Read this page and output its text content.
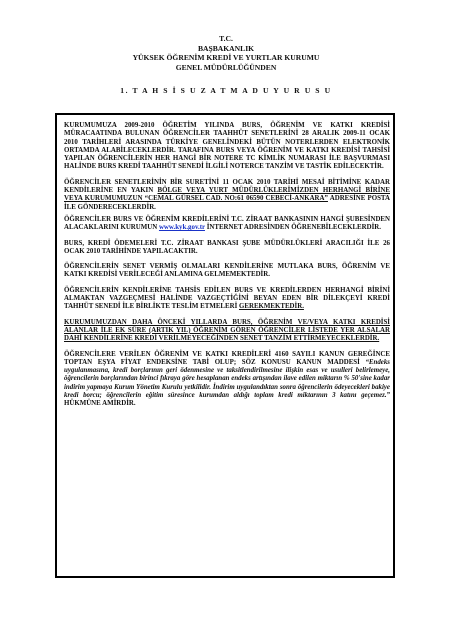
T.C.
BAŞBAKANLIK
YÜKSEK ÖĞRENİM KREDİ VE YURTLAR KURUMU
GENEL MÜDÜRLÜĞÜNDEN
1. T A H S İ S U Z A T M A D U Y U R U S U

KURUMUMUZA 2009-2010 ÖĞRETİM YILINDA BURS, ÖĞRENİM VE KATKI KREDİSİ MÜRACAATINDA BULUNAN ÖĞRENCİLER TAAHHÜT SENETLERİNİ 28 ARALIK 2009-11 OCAK 2010 TARİHLERİ ARASINDA TÜRKİYE GENELİNDEKİ BÜTÜN NOTERLERDEN ELEKTRONİK ORTAMDA ALABİLECEKLERDİR. TARAFINA BURS VEYA ÖĞRENİM VE KATKI KREDİSİ TAHSİSİ YAPILAN ÖĞRENCİLERİN HER HANGİ BİR NOTERE TC KİMLİK NUMARASI İLE BAŞVURMASI HALİNDE BURS KREDİ TAAHHÜT SENEDİ İLGİLİ NOTERCE TANZİM VE TASTİK EDİLECEKTİR.

ÖĞRENCİLER SENETLERİNİN BİR SURETİNİ 11 OCAK 2010 TARİHİ MESAİ BİTİMİNE KADAR KENDİLERİNE EN YAKIN BÖLGE VEYA YURT MÜDÜRLÜKLERİMİZDEN HERHANGİ BİRİNE VEYA KURUMUMUZUN “CEMAL GÜRSEL CAD. NO:61 06590 CEBECİ-ANKARA” ADRESİNE POSTA İLE GÖNDERECEKLERDİR.

ÖĞRENCİLER BURS VE ÖĞRENİM KREDİLERİNİ T.C. ZİRAAT BANKASININ HANGİ ŞUBESİNDEN ALACAKLARINI KURUMUN www.kyk.gov.tr İNTERNET ADRESİNDEN ÖĞRENEBİLECEKLERDİR.

BURS, KREDİ ÖDEMELERİ T.C. ZİRAAT BANKASI ŞUBE MÜDÜRLÜKLERİ ARACILIĞI İLE 26 OCAK 2010 TARİHİNDE YAPILACAKTIR.

ÖĞRENCİLERİN SENET VERMİŞ OLMALARI KENDİLERİNE MUTLAKA BURS, ÖĞRENİM VE KATKI KREDİSİ VERİLECEĞİ ANLAMINA GELMEMEKTEDİR.

ÖĞRENCİLERİN KENDİLERİNE TAHSİS EDİLEN BURS VE KREDİLERDEN HERHANGİ BİRİNİ ALMAKTAN VAZGEÇMESİ HALİNDE VAZGEÇTİĞİNİ BEYAN EDEN BİR DİLEKÇEYİ KREDİ TAHHÜT SENEDİ İLE BİRLİKTE TESLİM ETMELERİ GEREKMEKTEDİR.

KURUMUMUZDAN DAHA ÖNCEKİ YILLARDA BURS, ÖĞRENİM VE/VEYA KATKI KREDİSİ ALANLAR İLE EK SÜRE (ARTIK YIL) ÖĞRENİM GÖREN ÖĞRENCİLER LİSTEDE YER ALSALAR DAHİ KENDİLERİNE KREDİ VERİLMEYECEĞİNDEN SENET TANZİM ETTİRMEYECEKLERDİR.

ÖĞRENCİLERE VERİLEN ÖĞRENİM VE KATKI KREDİLERİ 4160 SAYILI KANUN GEREĞİNCE TOPTAN EŞYA FİYAT ENDEKSİNE TABİ OLUP; SÖZ KONUSU KANUN MADDESİ “Endeks uygulanmasına, kredi borçlarının geri ödenmesine ve taksitlendirilmesine ilişkin esas ve usulleri belirlemeye, öğrencilerin borçlarından birinci fıkraya göre hesaplanan endeks artışından ilave edilen miktarın % 50'sine kadar indirim yapmaya Kurum Yönetim Kurulu yetkilidir. İndirim uygulandıktan sonra öğrencilerin ödeyecekleri bakiye kredi borcu; öğrencilerin eğitim süresince kurumdan aldığı toplam kredi miktarının 3 katını geçemez.” HÜKMÜNE AMİRDİR.
